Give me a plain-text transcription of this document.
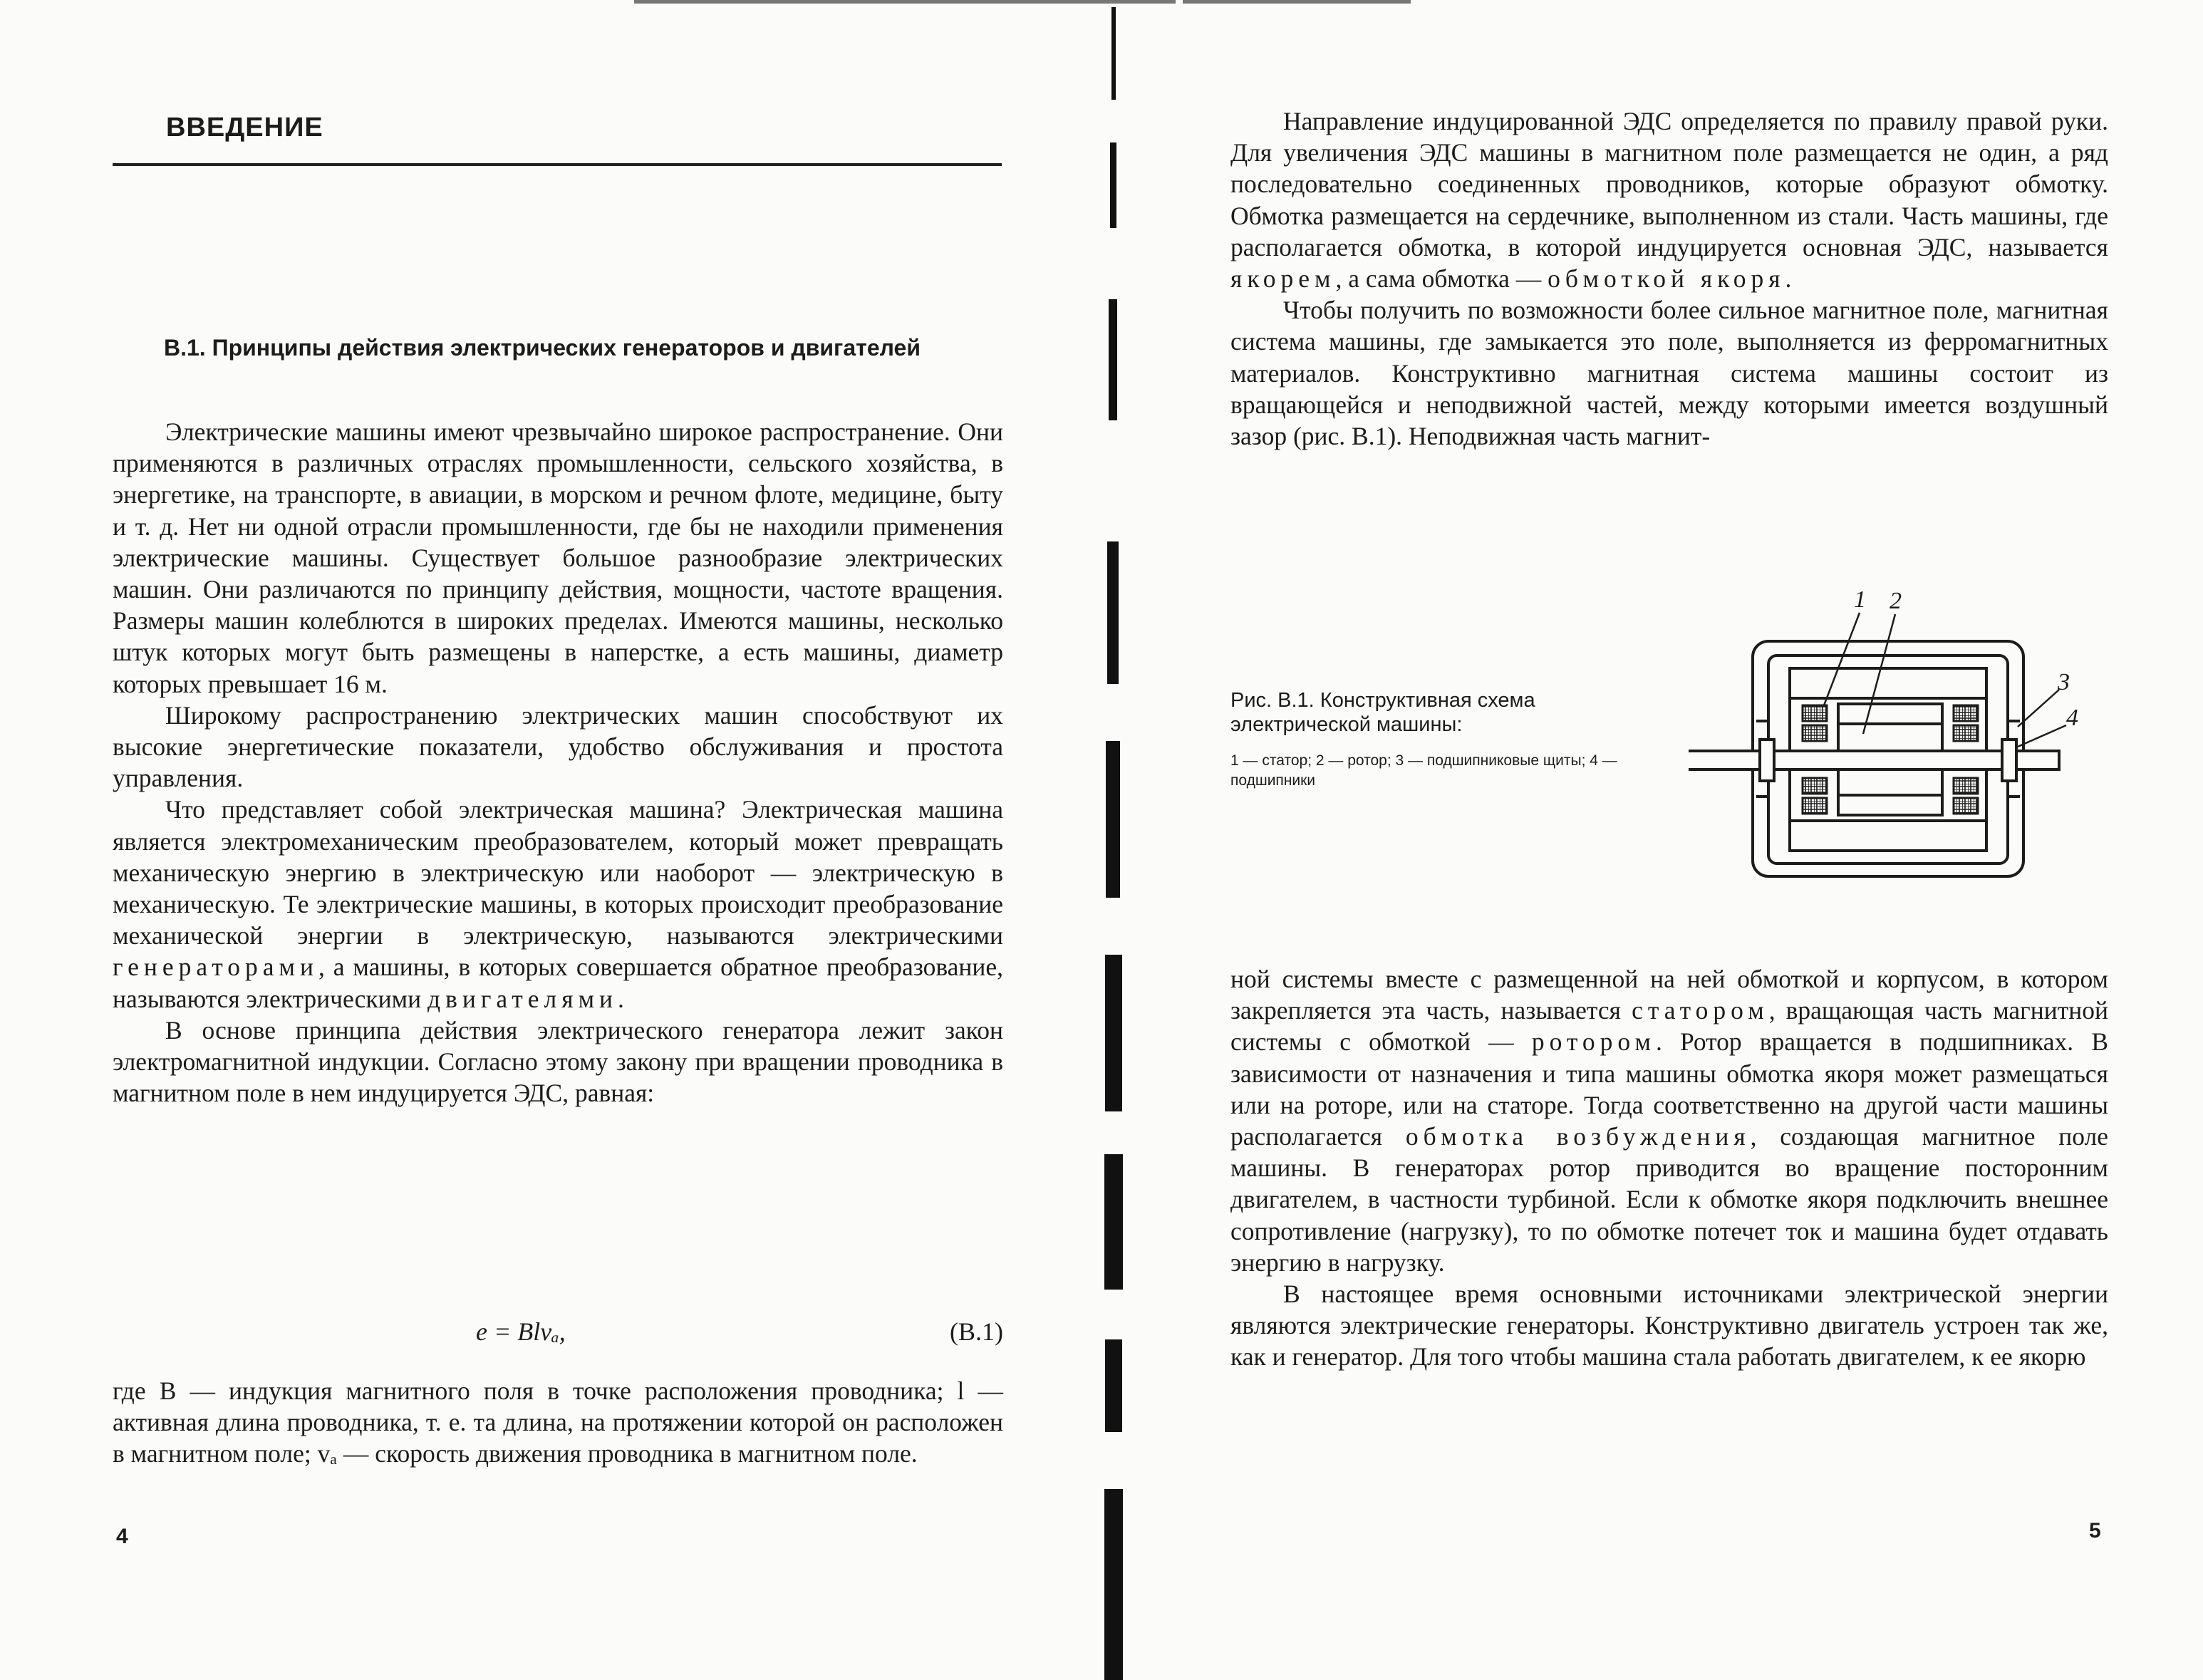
ВВЕДЕНИЕ
В.1. Принципы действия электрических генераторов и двигателей

Электрические машины имеют чрезвычайно широкое распространение. Они применяются в различных отраслях промышленности, сельского хозяйства, в энергетике, на транспорте, в авиации, в морском и речном флоте, медицине, быту и т. д. Нет ни одной отрасли промышленности, где бы не находили применения электрические машины. Существует большое разнообразие электрических машин. Они различаются по принципу действия, мощности, частоте вращения. Размеры машин колеблются в широких пределах. Имеются машины, несколько штук которых могут быть размещены в наперстке, а есть машины, диаметр которых превышает 16 м.

Широкому распространению электрических машин способствуют их высокие энергетические показатели, удобство обслуживания и простота управления.

Что представляет собой электрическая машина? Электрическая машина является электромеханическим преобразователем, который может превращать механическую энергию в электрическую или наоборот — электрическую в механическую. Те электрические машины, в которых происходит преобразование механической энергии в электрическую, называются электрическими генераторами, а машины, в которых совершается обратное преобразование, называются электрическими двигателями.

В основе принципа действия электрического генератора лежит закон электромагнитной индукции. Согласно этому закону при вращении проводника в магнитном поле в нем индуцируется ЭДС, равная:

e = Blvₐ,	(В.1)

где B — индукция магнитного поля в точке расположения проводника; l — активная длина проводника, т. е. та длина, на протяжении которой он расположен в магнитном поле; vₐ — скорость движения проводника в магнитном поле.

4

Направление индуцированной ЭДС определяется по правилу правой руки. Для увеличения ЭДС машины в магнитном поле размещается не один, а ряд последовательно соединенных проводников, которые образуют обмотку. Обмотка размещается на сердечнике, выполненном из стали. Часть машины, где располагается обмотка, в которой индуцируется основная ЭДС, называется якорем, а сама обмотка — обмоткой якоря.

Чтобы получить по возможности более сильное магнитное поле, магнитная система машины, где замыкается это поле, выполняется из ферромагнитных материалов. Конструктивно магнитная система машины состоит из вращающейся и неподвижной частей, между которыми имеется воздушный зазор (рис. В.1). Неподвижная часть магнит-

Рис. В.1. Конструктивная схема электрической машины:
1 — статор; 2 — ротор; 3 — подшипниковые щиты; 4 — подшипники
1 2
3
4

ной системы вместе с размещенной на ней обмоткой и корпусом, в котором закрепляется эта часть, называется статором, вращающая часть магнитной системы с обмоткой — ротором. Ротор вращается в подшипниках. В зависимости от назначения и типа машины обмотка якоря может размещаться или на роторе, или на статоре. Тогда соответственно на другой части машины располагается обмотка возбуждения, создающая магнитное поле машины. В генераторах ротор приводится во вращение посторонним двигателем, в частности турбиной. Если к обмотке якоря подключить внешнее сопротивление (нагрузку), то по обмотке потечет ток и машина будет отдавать энергию в нагрузку.

В настоящее время основными источниками электрической энергии являются электрические генераторы. Конструктивно двигатель устроен так же, как и генератор. Для того чтобы машина стала работать двигателем, к ее якорю

5
